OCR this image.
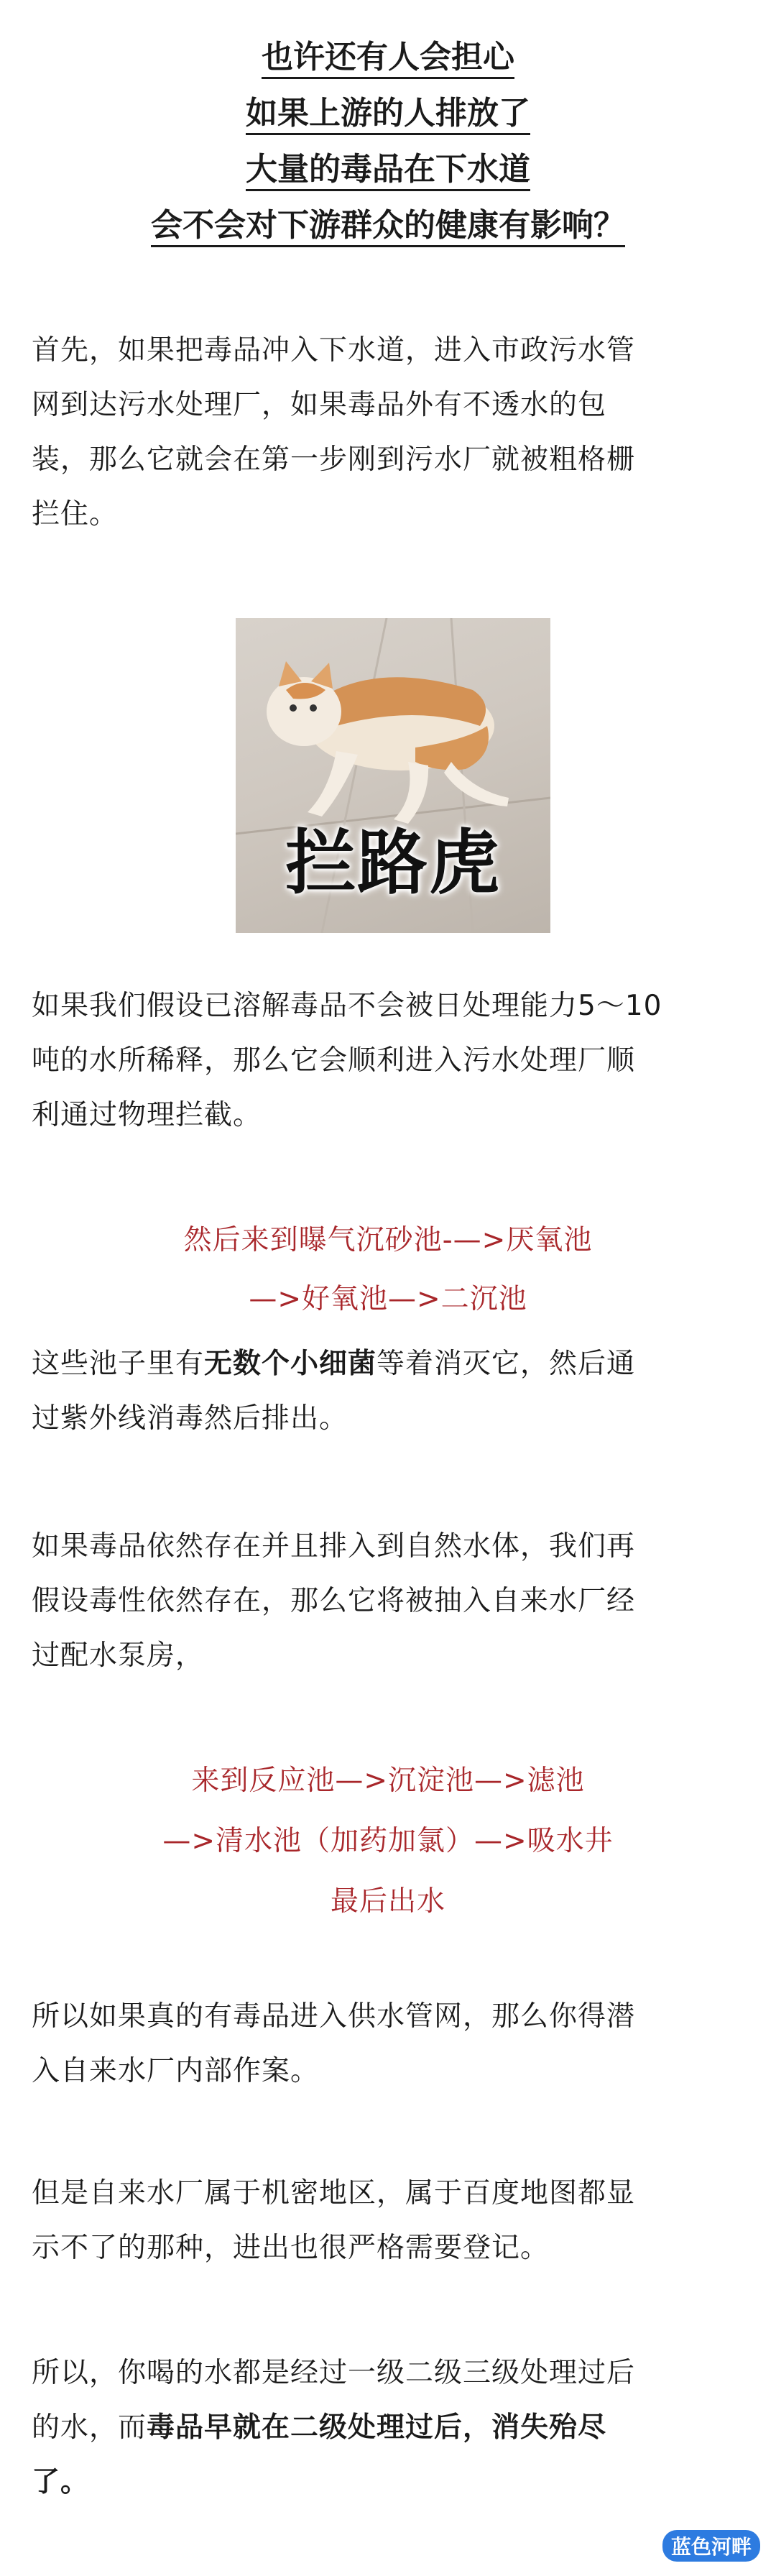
也许还有人会担心
如果上游的人排放了
大量的毒品在下水道
会不会对下游群众的健康有影响？
首先，如果把毒品冲入下水道，进入市政污水管
网到达污水处理厂，如果毒品外有不透水的包
装，那么它就会在第一步刚到污水厂就被粗格栅
拦住。
拦路虎
如果我们假设已溶解毒品不会被日处理能力5～10
吨的水所稀释，那么它会顺利进入污水处理厂顺
利通过物理拦截。
然后来到曝气沉砂池-—>厌氧池
—>好氧池—>二沉池
这些池子里有无数个小细菌等着消灭它，然后通
过紫外线消毒然后排出。
如果毒品依然存在并且排入到自然水体，我们再
假设毒性依然存在，那么它将被抽入自来水厂经
过配水泵房，
来到反应池—>沉淀池—>滤池
—>清水池（加药加氯）—>吸水井
最后出水
所以如果真的有毒品进入供水管网，那么你得潜
入自来水厂内部作案。
但是自来水厂属于机密地区，属于百度地图都显
示不了的那种，进出也很严格需要登记。
所以，你喝的水都是经过一级二级三级处理过后
的水，而毒品早就在二级处理过后，消失殆尽
了。
蓝色河畔
